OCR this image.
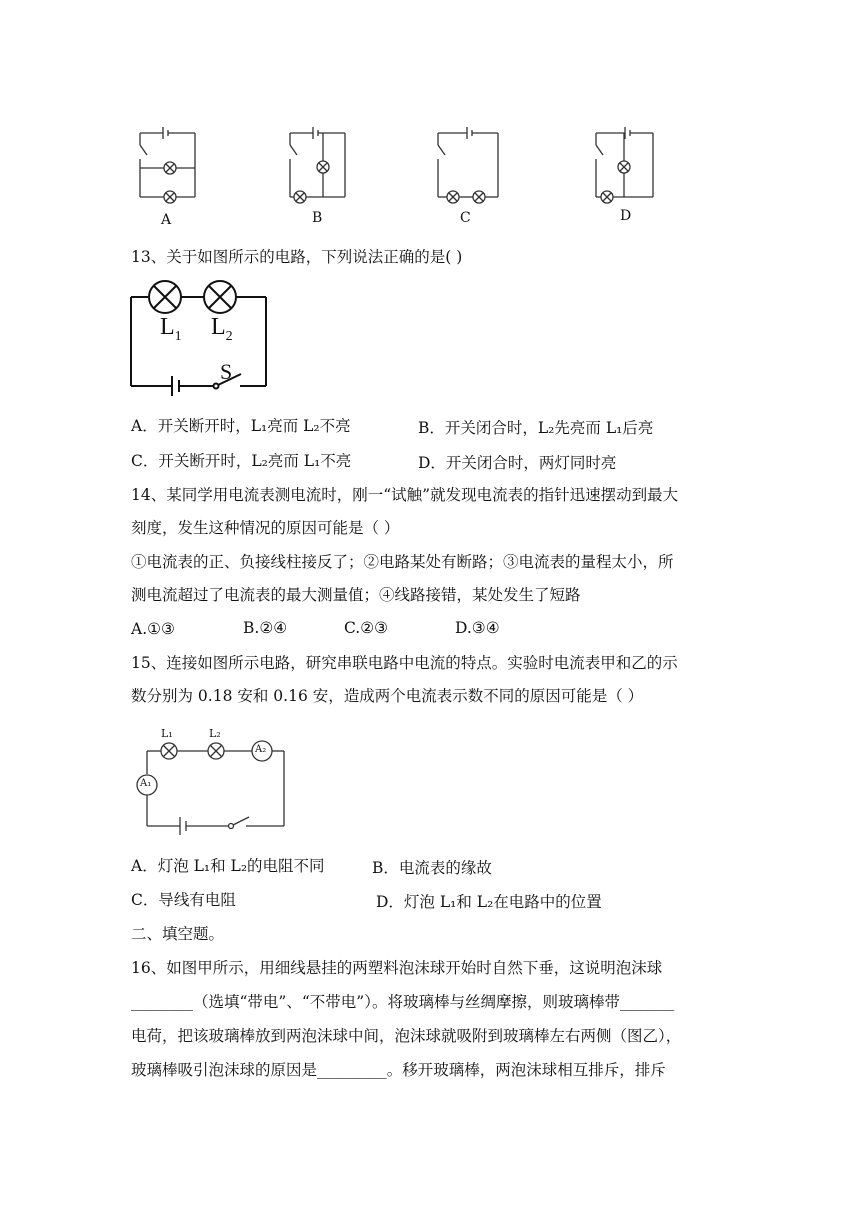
A	B	C	D
13、关于如图所示的电路，下列说法正确的是( )
$L_1$ $L_2$
S
A．开关断开时，L₁亮而 L₂不亮	B．开关闭合时，L₂先亮而 L₁后亮
C．开关断开时，L₂亮而 L₁不亮	D．开关闭合时，两灯同时亮
14、某同学用电流表测电流时，刚一“试触”就发现电流表的指针迅速摆动到最大
刻度，发生这种情况的原因可能是（ ）
①电流表的正、负接线柱接反了；②电路某处有断路；③电流表的量程太小，所
测电流超过了电流表的最大测量值；④线路接错，某处发生了短路
A.①③	B.②④	C.②③	D.③④
15、连接如图所示电路，研究串联电路中电流的特点。实验时电流表甲和乙的示
数分别为 0.18 安和 0.16 安，造成两个电流表示数不同的原因可能是（ ）
L₁	L₂
A₂
A₁
A．灯泡 L₁和 L₂的电阻不同	B．电流表的缘故
C．导线有电阻	D．灯泡 L₁和 L₂在电路中的位置
二、填空题。
16、如图甲所示，用细线悬挂的两塑料泡沫球开始时自然下垂，这说明泡沫球
________（选填“带电”、“不带电”）。将玻璃棒与丝绸摩擦，则玻璃棒带_______
电荷，把该玻璃棒放到两泡沫球中间，泡沫球就吸附到玻璃棒左右两侧（图乙），
玻璃棒吸引泡沫球的原因是_________。移开玻璃棒，两泡沫球相互排斥，排斥
